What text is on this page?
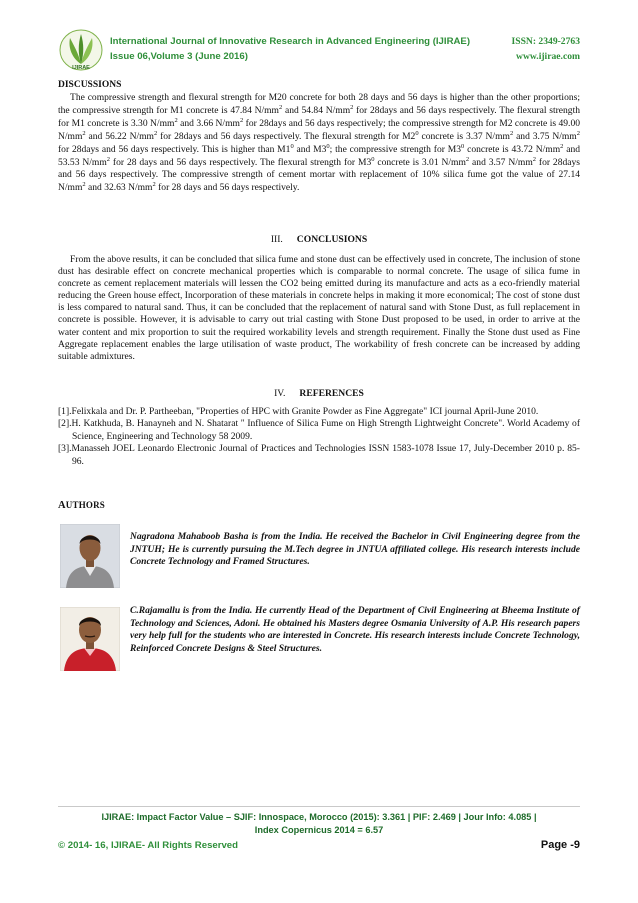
IJIRAE
International Journal of Innovative Research in Advanced Engineering (IJIRAE)	ISSN: 2349-2763
Issue 06,Volume 3 (June 2016)	www.ijirae.com
DISCUSSIONS
The compressive strength and flexural strength for M20 concrete for both 28 days and 56 days is higher than the other proportions; the compressive strength for M1 concrete is 47.84 $N/mm^2$ and 54.84 $N/mm^2$ for 28days and 56 days respectively. The flexural strength for M1 concrete is 3.30 $N/mm^2$ and 3.66 $N/mm^2$ for 28days and 56 days respectively; the compressive strength for M2 concrete is 49.00 $N/mm^2$ and 56.22 $N/mm^2$ for 28days and 56 days respectively. The flexural strength for $M2^0$ concrete is 3.37 $N/mm^2$ and 3.75 $N/mm^2$ for 28days and 56 days respectively. This is higher than $M1^0$ and $M3^0$; the compressive strength for $M3^0$ concrete is 43.72 $N/mm^2$ and 53.53 $N/mm^2$ for 28 days and 56 days respectively. The flexural strength for $M3^0$ concrete is 3.01 $N/mm^2$ and 3.57 $N/mm^2$ for 28days and 56 days respectively. The compressive strength of cement mortar with replacement of 10% silica fume got the value of 27.14 $N/mm^2$ and 32.63 $N/mm^2$ for 28 days and 56 days respectively.
III. CONCLUSIONS
From the above results, it can be concluded that silica fume and stone dust can be effectively used in concrete, The inclusion of stone dust has desirable effect on concrete mechanical properties which is comparable to normal concrete. The usage of silica fume in concrete as cement replacement materials will lessen the CO2 being emitted during its manufacture and acts as a eco-friendly material reducing the Green house effect, Incorporation of these materials in concrete helps in making it more economical; The cost of stone dust is less compared to natural sand. Thus, it can be concluded that the replacement of natural sand with Stone Dust, as full replacement in concrete is possible. However, it is advisable to carry out trial casting with Stone Dust proposed to be used, in order to arrive at the water content and mix proportion to suit the required workability levels and strength requirement. Finally the Stone dust used as Fine Aggregate replacement enables the large utilisation of waste product, The workability of fresh concrete can be increased by adding suitable admixtures.
IV. REFERENCES

[1].Felixkala and Dr. P. Partheeban, "Properties of HPC with Granite Powder as Fine Aggregate" ICI journal April-June 2010.

[2].H. Katkhuda, B. Hanayneh and N. Shatarat " Influence of Silica Fume on High Strength Lightweight Concrete". World Academy of Science, Engineering and Technology 58 2009.

[3].Manasseh JOEL Leonardo Electronic Journal of Practices and Technologies ISSN 1583-1078 Issue 17, July-December 2010 p. 85-96.

AUTHORS
Nagradona Mahaboob Basha is from the India. He received the Bachelor in Civil Engineering degree from the JNTUH; He is currently pursuing the M.Tech degree in JNTUA affiliated college. His research interests include Concrete Technology and Framed Structures.
C.Rajamallu is from the India. He currently Head of the Department of Civil Engineering at Bheema Institute of Technology and Sciences, Adoni. He obtained his Masters degree Osmania University of A.P. His research papers very help full for the students who are interested in Concrete. His research interests include Concrete Technology, Reinforced Concrete Designs & Steel Structures.
IJIRAE: Impact Factor Value – SJIF: Innospace, Morocco (2015): 3.361 | PIF: 2.469 | Jour Info: 4.085 |
Index Copernicus 2014 = 6.57
© 2014- 16, IJIRAE- All Rights Reserved	Page -9
